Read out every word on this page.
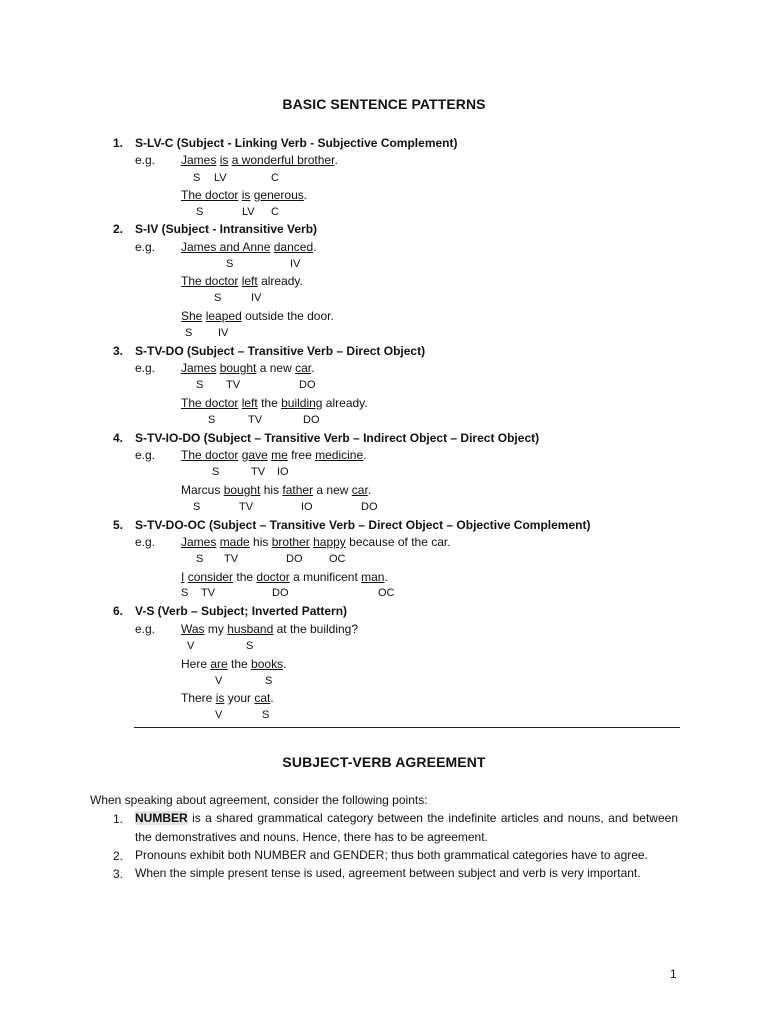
BASIC SENTENCE PATTERNS
1. S-LV-C (Subject - Linking Verb - Subjective Complement)
e.g. James is a wonderful brother.
S LV	C
The doctor is generous.
S	LV C
2. S-IV (Subject - Intransitive Verb)
e.g. James and Anne danced.
S	IV
The doctor left already.
S	IV
She leaped outside the door.
S IV
3. S-TV-DO (Subject – Transitive Verb – Direct Object)
e.g. James bought a new car.
S TV	DO
The doctor left the building already.
S	TV	DO
4. S-TV-IO-DO (Subject – Transitive Verb – Indirect Object – Direct Object)
e.g. The doctor gave me free medicine.
S	TV IO
Marcus bought his father a new car.
S	TV	IO	DO
5. S-TV-DO-OC (Subject – Transitive Verb – Direct Object – Objective Complement)
e.g. James made his brother happy because of the car.
S TV	DO OC
I consider the doctor a munificent man.
S TV	DO	OC
6. V-S (Verb – Subject; Inverted Pattern)
e.g. Was my husband at the building?
V	S
Here are the books.
V	S
There is your cat.
V	S
SUBJECT-VERB AGREEMENT
When speaking about agreement, consider the following points:
1. NUMBER is a shared grammatical category between the indefinite articles and nouns, and between the demonstratives and nouns. Hence, there has to be agreement.
2. Pronouns exhibit both NUMBER and GENDER; thus both grammatical categories have to agree.
3. When the simple present tense is used, agreement between subject and verb is very important.
1
